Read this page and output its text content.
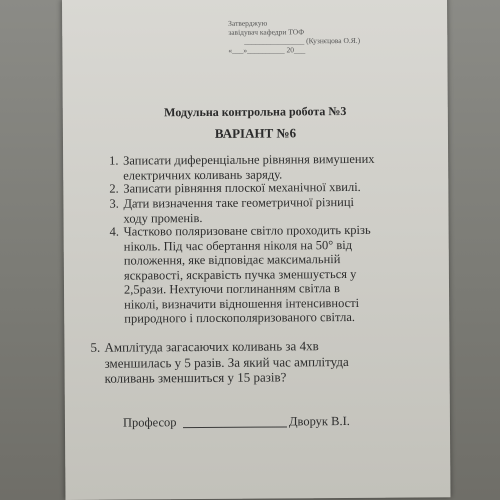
Затверджую
завідувач кафедри ТОФ
________________ (Кузнєцова О.Я.)
«___»__________ 20___
Модульна контрольна робота №3
ВАРІАНТ №6
1. Записати диференціальне рівняння вимушених
електричних коливань заряду.
2. Записати рівняння плоскої механічної хвилі.
3. Дати визначення таке геометричної різниці
ходу променів.
4. Частково поляризоване світло проходить крізь
ніколь. Під час обертання ніколя на 50° від
положення, яке відповідає максимальній
яскравості, яскравість пучка зменшується у
2,5рази. Нехтуючи поглинанням світла в
ніколі, визначити відношення інтенсивності
природного і плоскополяризованого світла.
5. Амплітуда загасаючих коливань за 4хв
зменшилась у 5 разів. За який час амплітуда
коливань зменшиться у 15 разів?
Професор	Дворук В.І.
